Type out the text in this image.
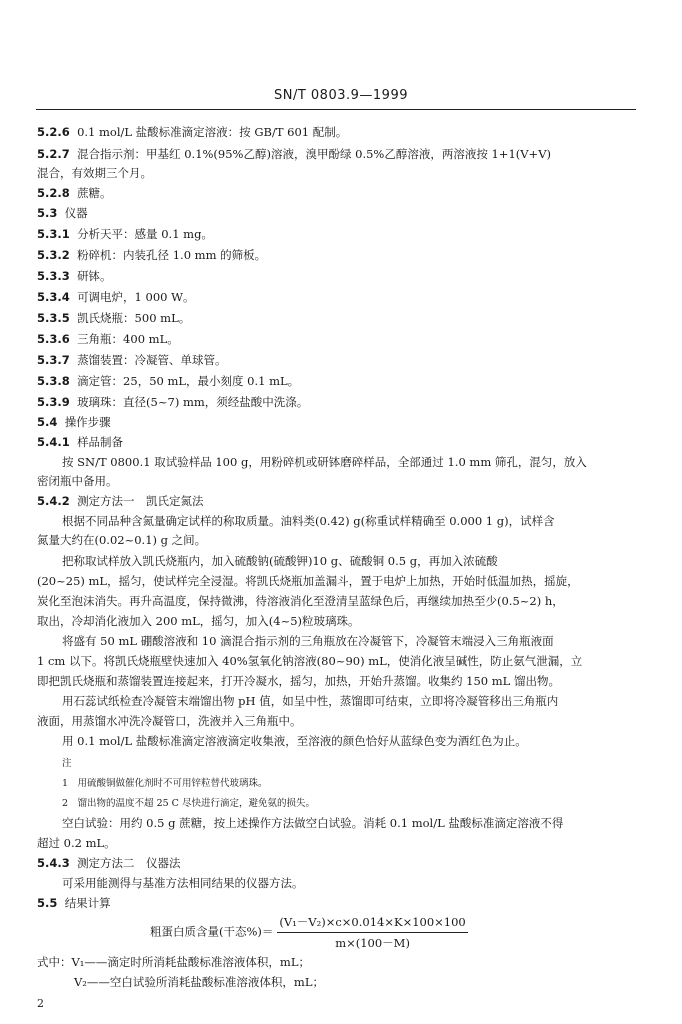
SN/T 0803.9—1999
5.2.6 0.1 mol/L 盐酸标准滴定溶液：按 GB/T 601 配制。
5.2.7 混合指示剂：甲基红 0.1%(95%乙醇)溶液，溴甲酚绿 0.5%乙醇溶液，两溶液按 1+1(V+V)
混合，有效期三个月。
5.2.8 蔗糖。
5.3 仪器
5.3.1 分析天平：感量 0.1 mg。
5.3.2 粉碎机：内装孔径 1.0 mm 的筛板。
5.3.3 研钵。
5.3.4 可调电炉，1 000 W。
5.3.5 凯氏烧瓶：500 mL。
5.3.6 三角瓶：400 mL。
5.3.7 蒸馏装置：冷凝管、单球管。
5.3.8 滴定管：25，50 mL，最小刻度 0.1 mL。
5.3.9 玻璃珠：直径(5~7) mm，须经盐酸中洗涤。
5.4 操作步骤
5.4.1 样品制备
按 SN/T 0800.1 取试验样品 100 g，用粉碎机或研钵磨碎样品，全部通过 1.0 mm 筛孔，混匀，放入
密闭瓶中备用。
5.4.2 测定方法一　凯氏定氮法
根据不同品种含氮量确定试样的称取质量。油料类(0.42) g(称重试样精确至 0.000 1 g)，试样含
氮量大约在(0.02~0.1) g 之间。
把称取试样放入凯氏烧瓶内，加入硫酸钠(硫酸钾)10 g、硫酸铜 0.5 g，再加入浓硫酸
(20~25) mL，摇匀，使试样完全浸湿。将凯氏烧瓶加盖漏斗，置于电炉上加热，开始时低温加热，摇旋，
炭化至泡沫消失。再升高温度，保持微沸，待溶液消化至澄清呈蓝绿色后，再继续加热至少(0.5~2) h，
取出，冷却消化液加入 200 mL，摇匀，加入(4~5)粒玻璃珠。
将盛有 50 mL 硼酸溶液和 10 滴混合指示剂的三角瓶放在冷凝管下，冷凝管末端浸入三角瓶液面
1 cm 以下。将凯氏烧瓶壁快速加入 40%氢氧化钠溶液(80~90) mL，使消化液呈碱性，防止氨气泄漏，立
即把凯氏烧瓶和蒸馏装置连接起来，打开冷凝水，摇匀，加热，开始升蒸馏。收集约 150 mL 馏出物。
用石蕊试纸检查冷凝管末端馏出物 pH 值，如呈中性，蒸馏即可结束，立即将冷凝管移出三角瓶内
液面，用蒸馏水冲洗冷凝管口，洗液并入三角瓶中。
用 0.1 mol/L 盐酸标准滴定溶液滴定收集液，至溶液的颜色恰好从蓝绿色变为酒红色为止。
注
1　用硫酸铜做催化剂时不可用锌粒替代玻璃珠。
2　馏出物的温度不超 25 C 尽快进行滴定，避免氨的损失。
空白试验：用约 0.5 g 蔗糖，按上述操作方法做空白试验。消耗 0.1 mol/L 盐酸标准滴定溶液不得
超过 0.2 mL。
5.4.3 测定方法二　仪器法
可采用能测得与基准方法相同结果的仪器方法。
5.5 结果计算
粗蛋白质含量(干态%)＝ $\frac{\text{(V₁－V₂)×c×0.014×K×100×100}}{m\times(100-M)}$
式中：V₁——滴定时所消耗盐酸标准溶液体积，mL；
V₂——空白试验所消耗盐酸标准溶液体积，mL；
2
